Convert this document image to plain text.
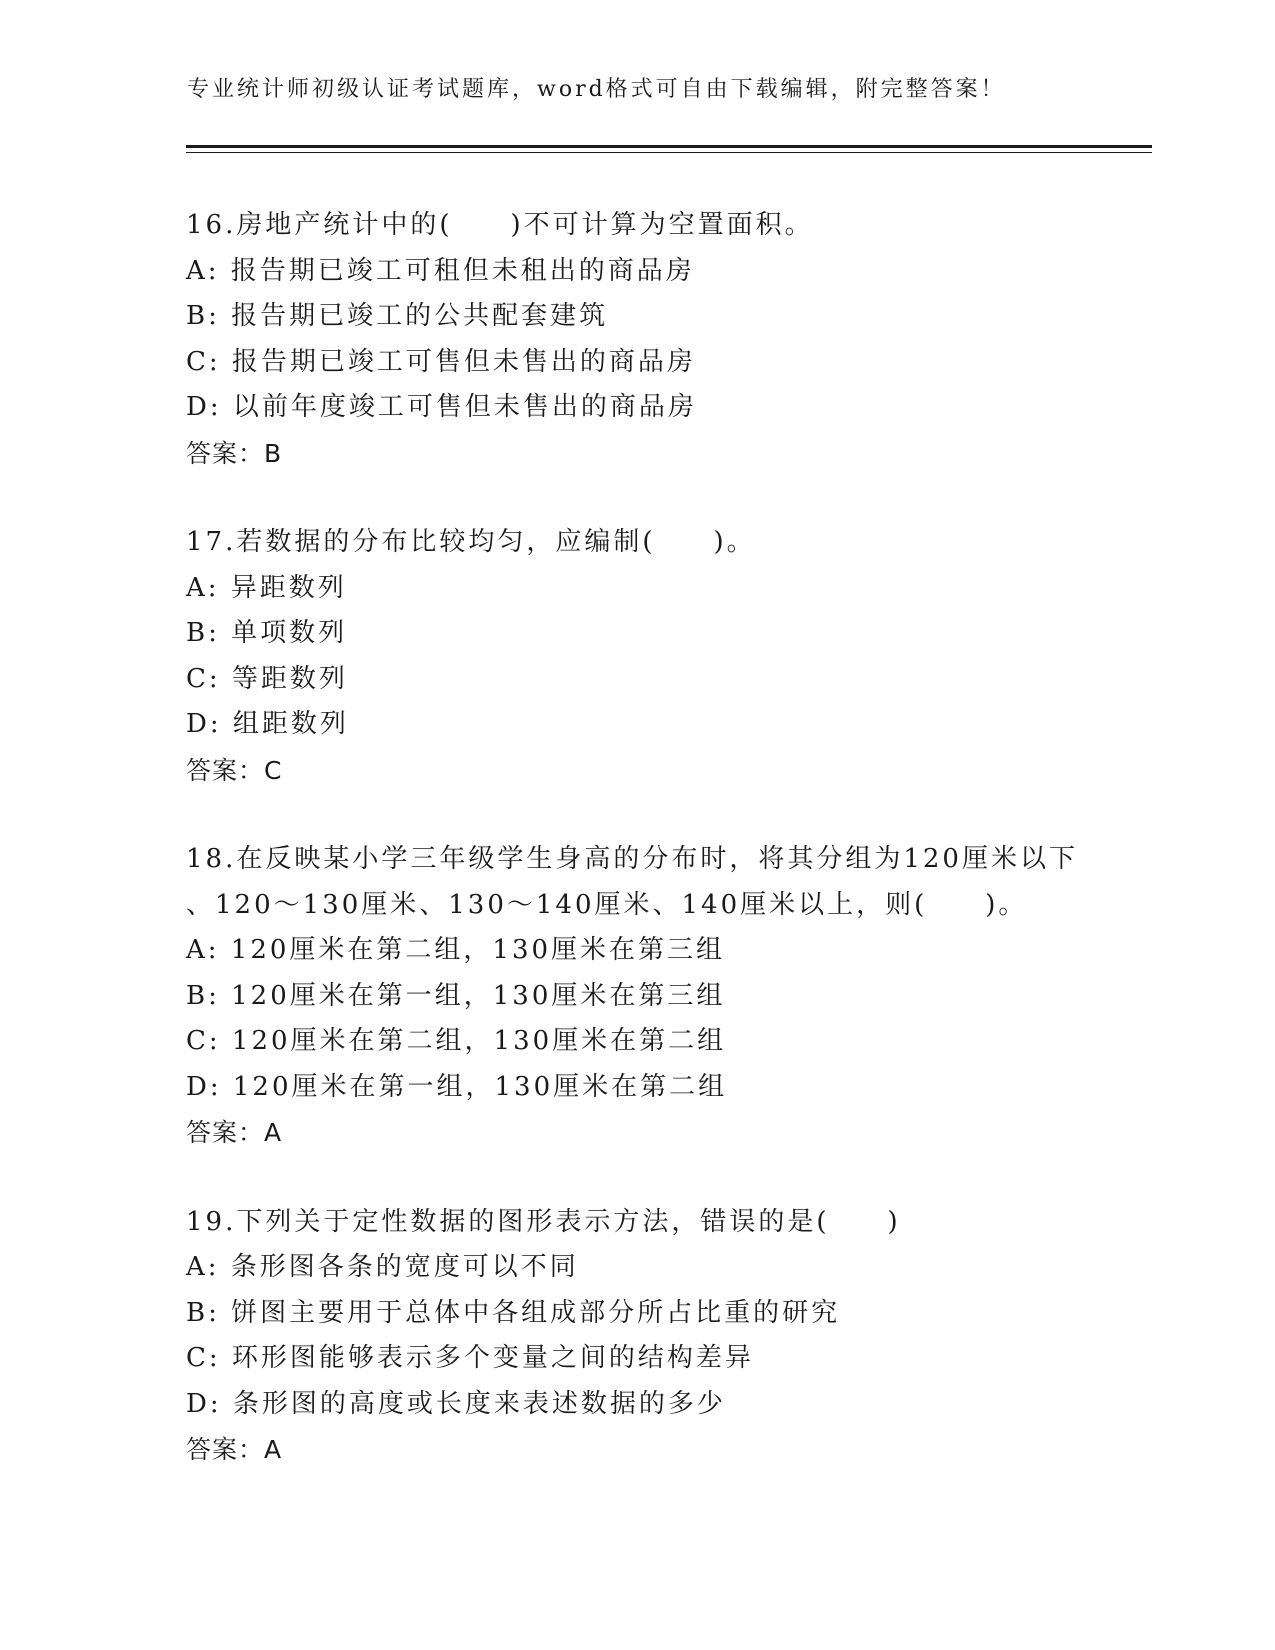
专业统计师初级认证考试题库，word格式可自由下载编辑，附完整答案！
16.房地产统计中的(　　)不可计算为空置面积。
A: 报告期已竣工可租但未租出的商品房
B: 报告期已竣工的公共配套建筑
C: 报告期已竣工可售但未售出的商品房
D: 以前年度竣工可售但未售出的商品房
答案：B
17.若数据的分布比较均匀，应编制(　　)。
A: 异距数列
B: 单项数列
C: 等距数列
D: 组距数列
答案：C
18.在反映某小学三年级学生身高的分布时，将其分组为120厘米以下
、120～130厘米、130～140厘米、140厘米以上，则(　　)。
A: 120厘米在第二组，130厘米在第三组
B: 120厘米在第一组，130厘米在第三组
C: 120厘米在第二组，130厘米在第二组
D: 120厘米在第一组，130厘米在第二组
答案：A
19.下列关于定性数据的图形表示方法，错误的是(　　)
A: 条形图各条的宽度可以不同
B: 饼图主要用于总体中各组成部分所占比重的研究
C: 环形图能够表示多个变量之间的结构差异
D: 条形图的高度或长度来表述数据的多少
答案：A
